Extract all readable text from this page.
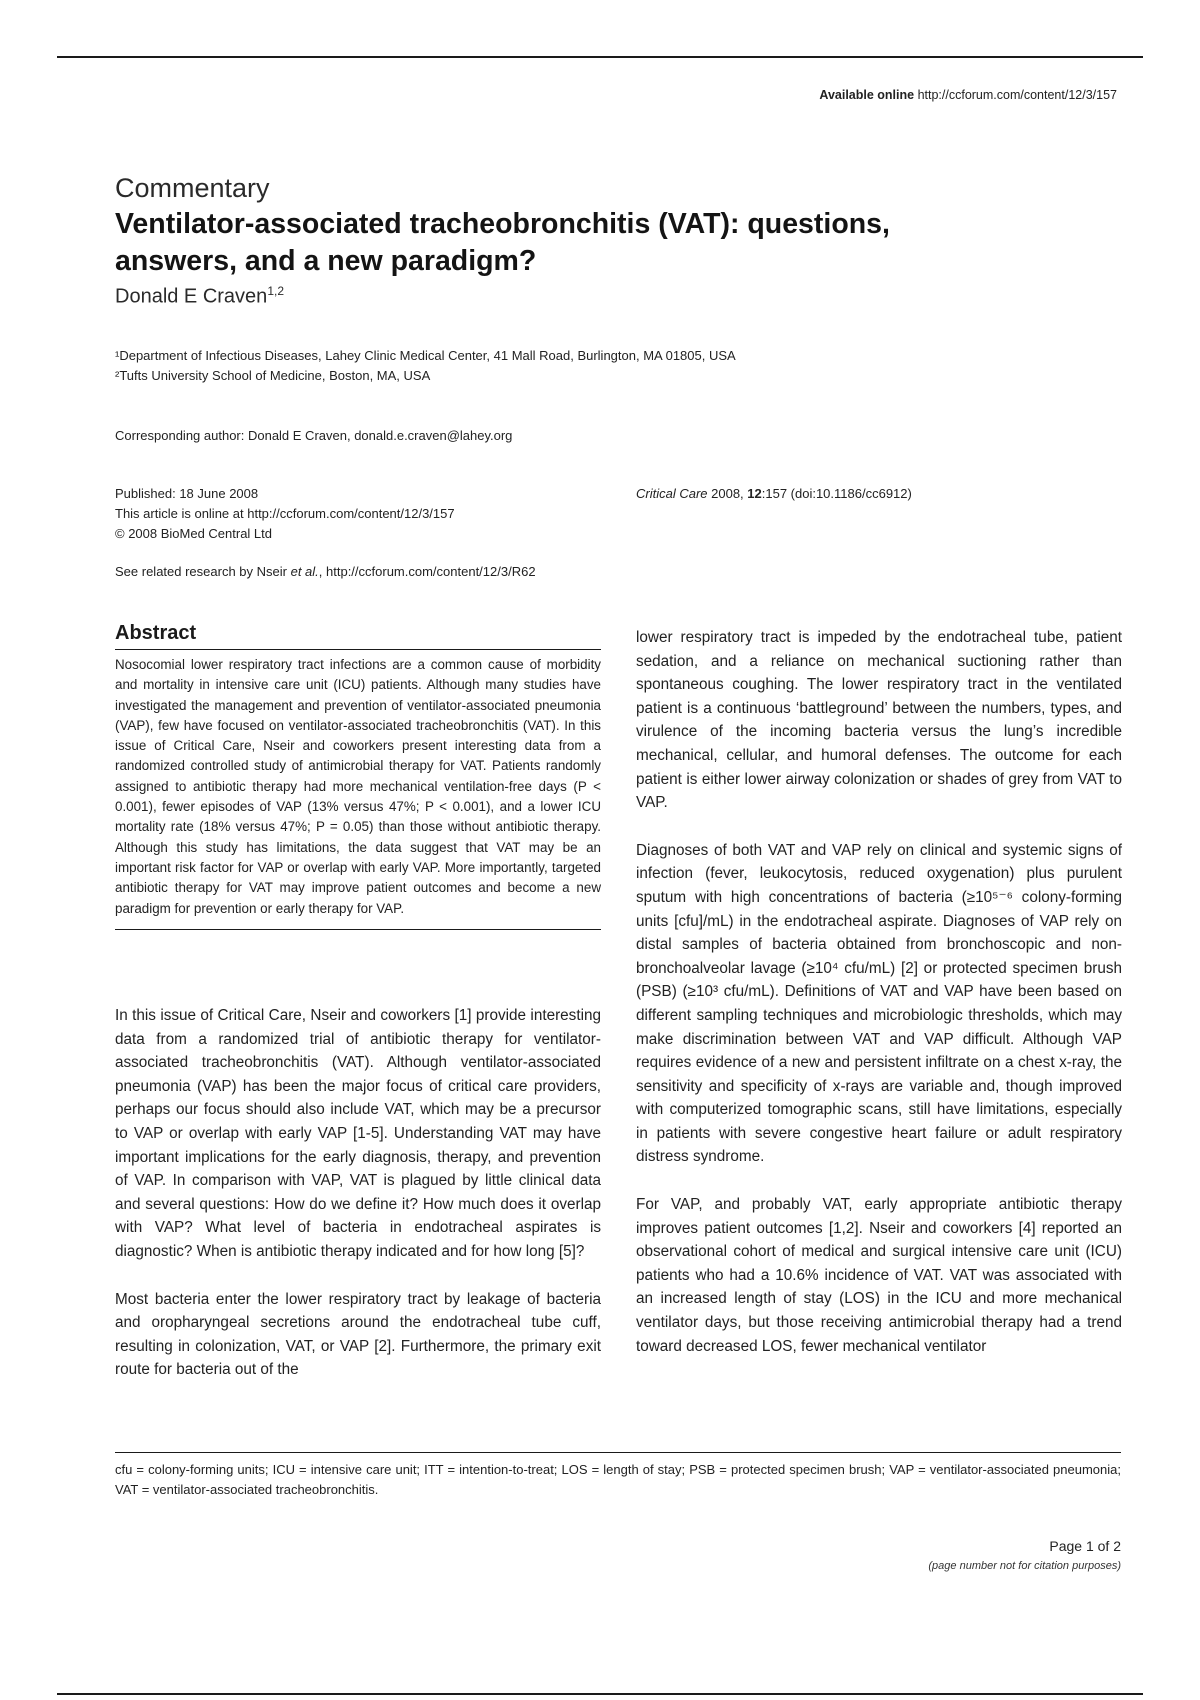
Available online http://ccforum.com/content/12/3/157
Commentary
Ventilator-associated tracheobronchitis (VAT): questions, answers, and a new paradigm?
Donald E Craven$^{1,2}$
¹Department of Infectious Diseases, Lahey Clinic Medical Center, 41 Mall Road, Burlington, MA 01805, USA
²Tufts University School of Medicine, Boston, MA, USA
Corresponding author: Donald E Craven, donald.e.craven@lahey.org
Published: 18 June 2008
This article is online at http://ccforum.com/content/12/3/157
© 2008 BioMed Central Ltd
Critical Care 2008, 12:157 (doi:10.1186/cc6912)
See related research by Nseir et al., http://ccforum.com/content/12/3/R62
Abstract

Nosocomial lower respiratory tract infections are a common cause of morbidity and mortality in intensive care unit (ICU) patients. Although many studies have investigated the management and prevention of ventilator-associated pneumonia (VAP), few have focused on ventilator-associated tracheobronchitis (VAT). In this issue of Critical Care, Nseir and coworkers present interesting data from a randomized controlled study of antimicrobial therapy for VAT. Patients randomly assigned to antibiotic therapy had more mechanical ventilation-free days (P < 0.001), fewer episodes of VAP (13% versus 47%; P < 0.001), and a lower ICU mortality rate (18% versus 47%; P = 0.05) than those without antibiotic therapy. Although this study has limitations, the data suggest that VAT may be an important risk factor for VAP or overlap with early VAP. More importantly, targeted antibiotic therapy for VAT may improve patient outcomes and become a new paradigm for prevention or early therapy for VAP.

In this issue of Critical Care, Nseir and coworkers [1] provide interesting data from a randomized trial of antibiotic therapy for ventilator-associated tracheobronchitis (VAT). Although ventilator-associated pneumonia (VAP) has been the major focus of critical care providers, perhaps our focus should also include VAT, which may be a precursor to VAP or overlap with early VAP [1-5]. Understanding VAT may have important implications for the early diagnosis, therapy, and prevention of VAP. In comparison with VAP, VAT is plagued by little clinical data and several questions: How do we define it? How much does it overlap with VAP? What level of bacteria in endotracheal aspirates is diagnostic? When is antibiotic therapy indicated and for how long [5]?

Most bacteria enter the lower respiratory tract by leakage of bacteria and oropharyngeal secretions around the endotracheal tube cuff, resulting in colonization, VAT, or VAP [2]. Furthermore, the primary exit route for bacteria out of the

lower respiratory tract is impeded by the endotracheal tube, patient sedation, and a reliance on mechanical suctioning rather than spontaneous coughing. The lower respiratory tract in the ventilated patient is a continuous ‘battleground’ between the numbers, types, and virulence of the incoming bacteria versus the lung’s incredible mechanical, cellular, and humoral defenses. The outcome for each patient is either lower airway colonization or shades of grey from VAT to VAP.

Diagnoses of both VAT and VAP rely on clinical and systemic signs of infection (fever, leukocytosis, reduced oxygenation) plus purulent sputum with high concentrations of bacteria (≥10⁵⁻⁶ colony-forming units [cfu]/mL) in the endotracheal aspirate. Diagnoses of VAP rely on distal samples of bacteria obtained from bronchoscopic and non-bronchoalveolar lavage (≥10⁴ cfu/mL) [2] or protected specimen brush (PSB) (≥10³ cfu/mL). Definitions of VAT and VAP have been based on different sampling techniques and microbiologic thresholds, which may make discrimination between VAT and VAP difficult. Although VAP requires evidence of a new and persistent infiltrate on a chest x-ray, the sensitivity and specificity of x-rays are variable and, though improved with computerized tomographic scans, still have limitations, especially in patients with severe congestive heart failure or adult respiratory distress syndrome.

For VAP, and probably VAT, early appropriate antibiotic therapy improves patient outcomes [1,2]. Nseir and coworkers [4] reported an observational cohort of medical and surgical intensive care unit (ICU) patients who had a 10.6% incidence of VAT. VAT was associated with an increased length of stay (LOS) in the ICU and more mechanical ventilator days, but those receiving antimicrobial therapy had a trend toward decreased LOS, fewer mechanical ventilator

cfu = colony-forming units; ICU = intensive care unit; ITT = intention-to-treat; LOS = length of stay; PSB = protected specimen brush; VAP = ventilator-associated pneumonia; VAT = ventilator-associated tracheobronchitis.
Page 1 of 2
(page number not for citation purposes)
